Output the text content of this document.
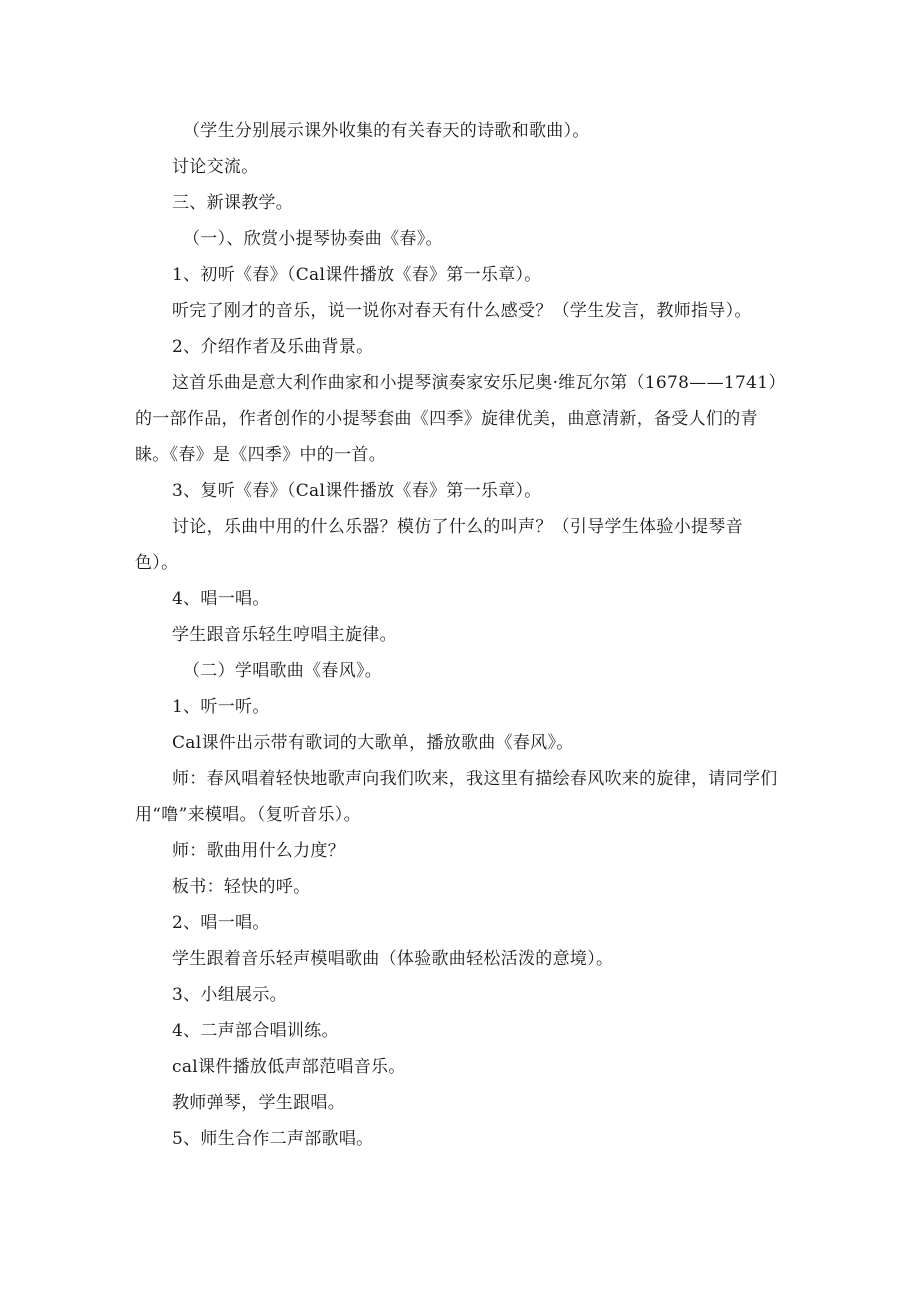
（学生分别展示课外收集的有关春天的诗歌和歌曲）。
讨论交流。
三、新课教学。
（一）、欣赏小提琴协奏曲《春》。
1、初听《春》（Cal课件播放《春》第一乐章）。
听完了刚才的音乐，说一说你对春天有什么感受？（学生发言，教师指导）。
2、介绍作者及乐曲背景。
这首乐曲是意大利作曲家和小提琴演奏家安乐尼奥·维瓦尔第（1678——1741）
的一部作品，作者创作的小提琴套曲《四季》旋律优美，曲意清新，备受人们的青
睐。《春》是《四季》中的一首。
3、复听《春》（Cal课件播放《春》第一乐章）。
讨论，乐曲中用的什么乐器？模仿了什么的叫声？（引导学生体验小提琴音
色）。
4、唱一唱。
学生跟音乐轻生哼唱主旋律。
（二）学唱歌曲《春风》。
1、听一听。
Cal课件出示带有歌词的大歌单，播放歌曲《春风》。
师：春风唱着轻快地歌声向我们吹来，我这里有描绘春风吹来的旋律，请同学们
用“噜”来模唱。（复听音乐）。
师：歌曲用什么力度？
板书：轻快的呼。
2、唱一唱。
学生跟着音乐轻声模唱歌曲（体验歌曲轻松活泼的意境）。
3、小组展示。
4、二声部合唱训练。
cal课件播放低声部范唱音乐。
教师弹琴，学生跟唱。
5、师生合作二声部歌唱。
